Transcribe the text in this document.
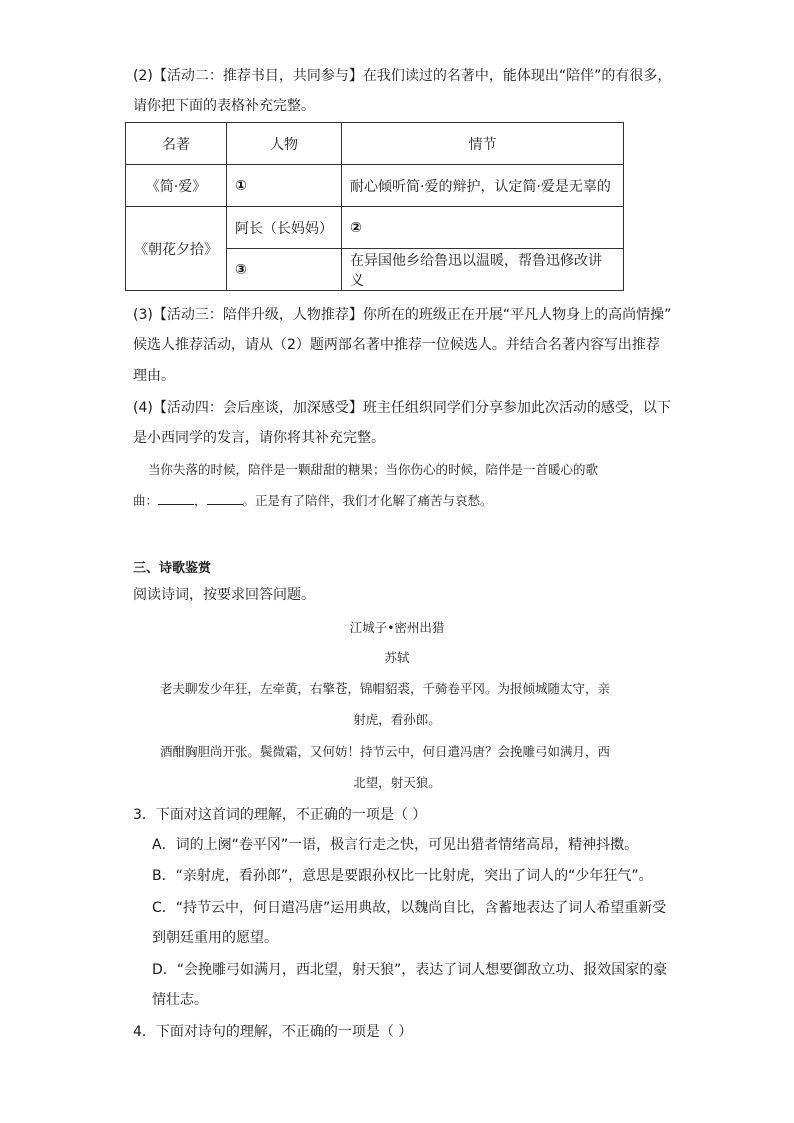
(2)【活动二：推荐书目，共同参与】在我们读过的名著中，能体现出“陪伴”的有很多，
请你把下面的表格补充完整。
名著	人物	情节
《简·爱》	①	耐心倾听简·爱的辩护，认定简·爱是无辜的
《朝花夕拾》	阿长（长妈妈）	②
	③	在异国他乡给鲁迅以温暖，帮鲁迅修改讲义
(3)【活动三：陪伴升级，人物推荐】你所在的班级正在开展“平凡人物身上的高尚情操”
候选人推荐活动，请从（2）题两部名著中推荐一位候选人。并结合名著内容写出推荐
理由。
(4)【活动四：会后座谈，加深感受】班主任组织同学们分享参加此次活动的感受，以下
是小西同学的发言，请你将其补充完整。
当你失落的时候，陪伴是一颗甜甜的糖果；当你伤心的时候，陪伴是一首暖心的歌
曲：	，	。正是有了陪伴，我们才化解了痛苦与哀愁。
三、诗歌鉴赏
阅读诗词，按要求回答问题。
江城子•密州出猎
苏轼
老夫聊发少年狂，左牵黄，右擎苍，锦帽貂裘，千骑卷平冈。为报倾城随太守，亲
射虎，看孙郎。
酒酣胸胆尚开张。鬓微霜，又何妨！持节云中，何日遣冯唐？会挽雕弓如满月，西
北望，射天狼。
3．下面对这首词的理解，不正确的一项是（ ）
A．词的上阕“卷平冈”一语，极言行走之快，可见出猎者情绪高昂，精神抖擞。
B．“亲射虎，看孙郎”，意思是要跟孙权比一比射虎，突出了词人的“少年狂气”。
C．“持节云中，何日遣冯唐”运用典故，以魏尚自比，含蓄地表达了词人希望重新受
到朝廷重用的愿望。
D．“会挽雕弓如满月，西北望，射天狼”，表达了词人想要御敌立功、报效国家的豪
情壮志。
4．下面对诗句的理解，不正确的一项是（ ）
